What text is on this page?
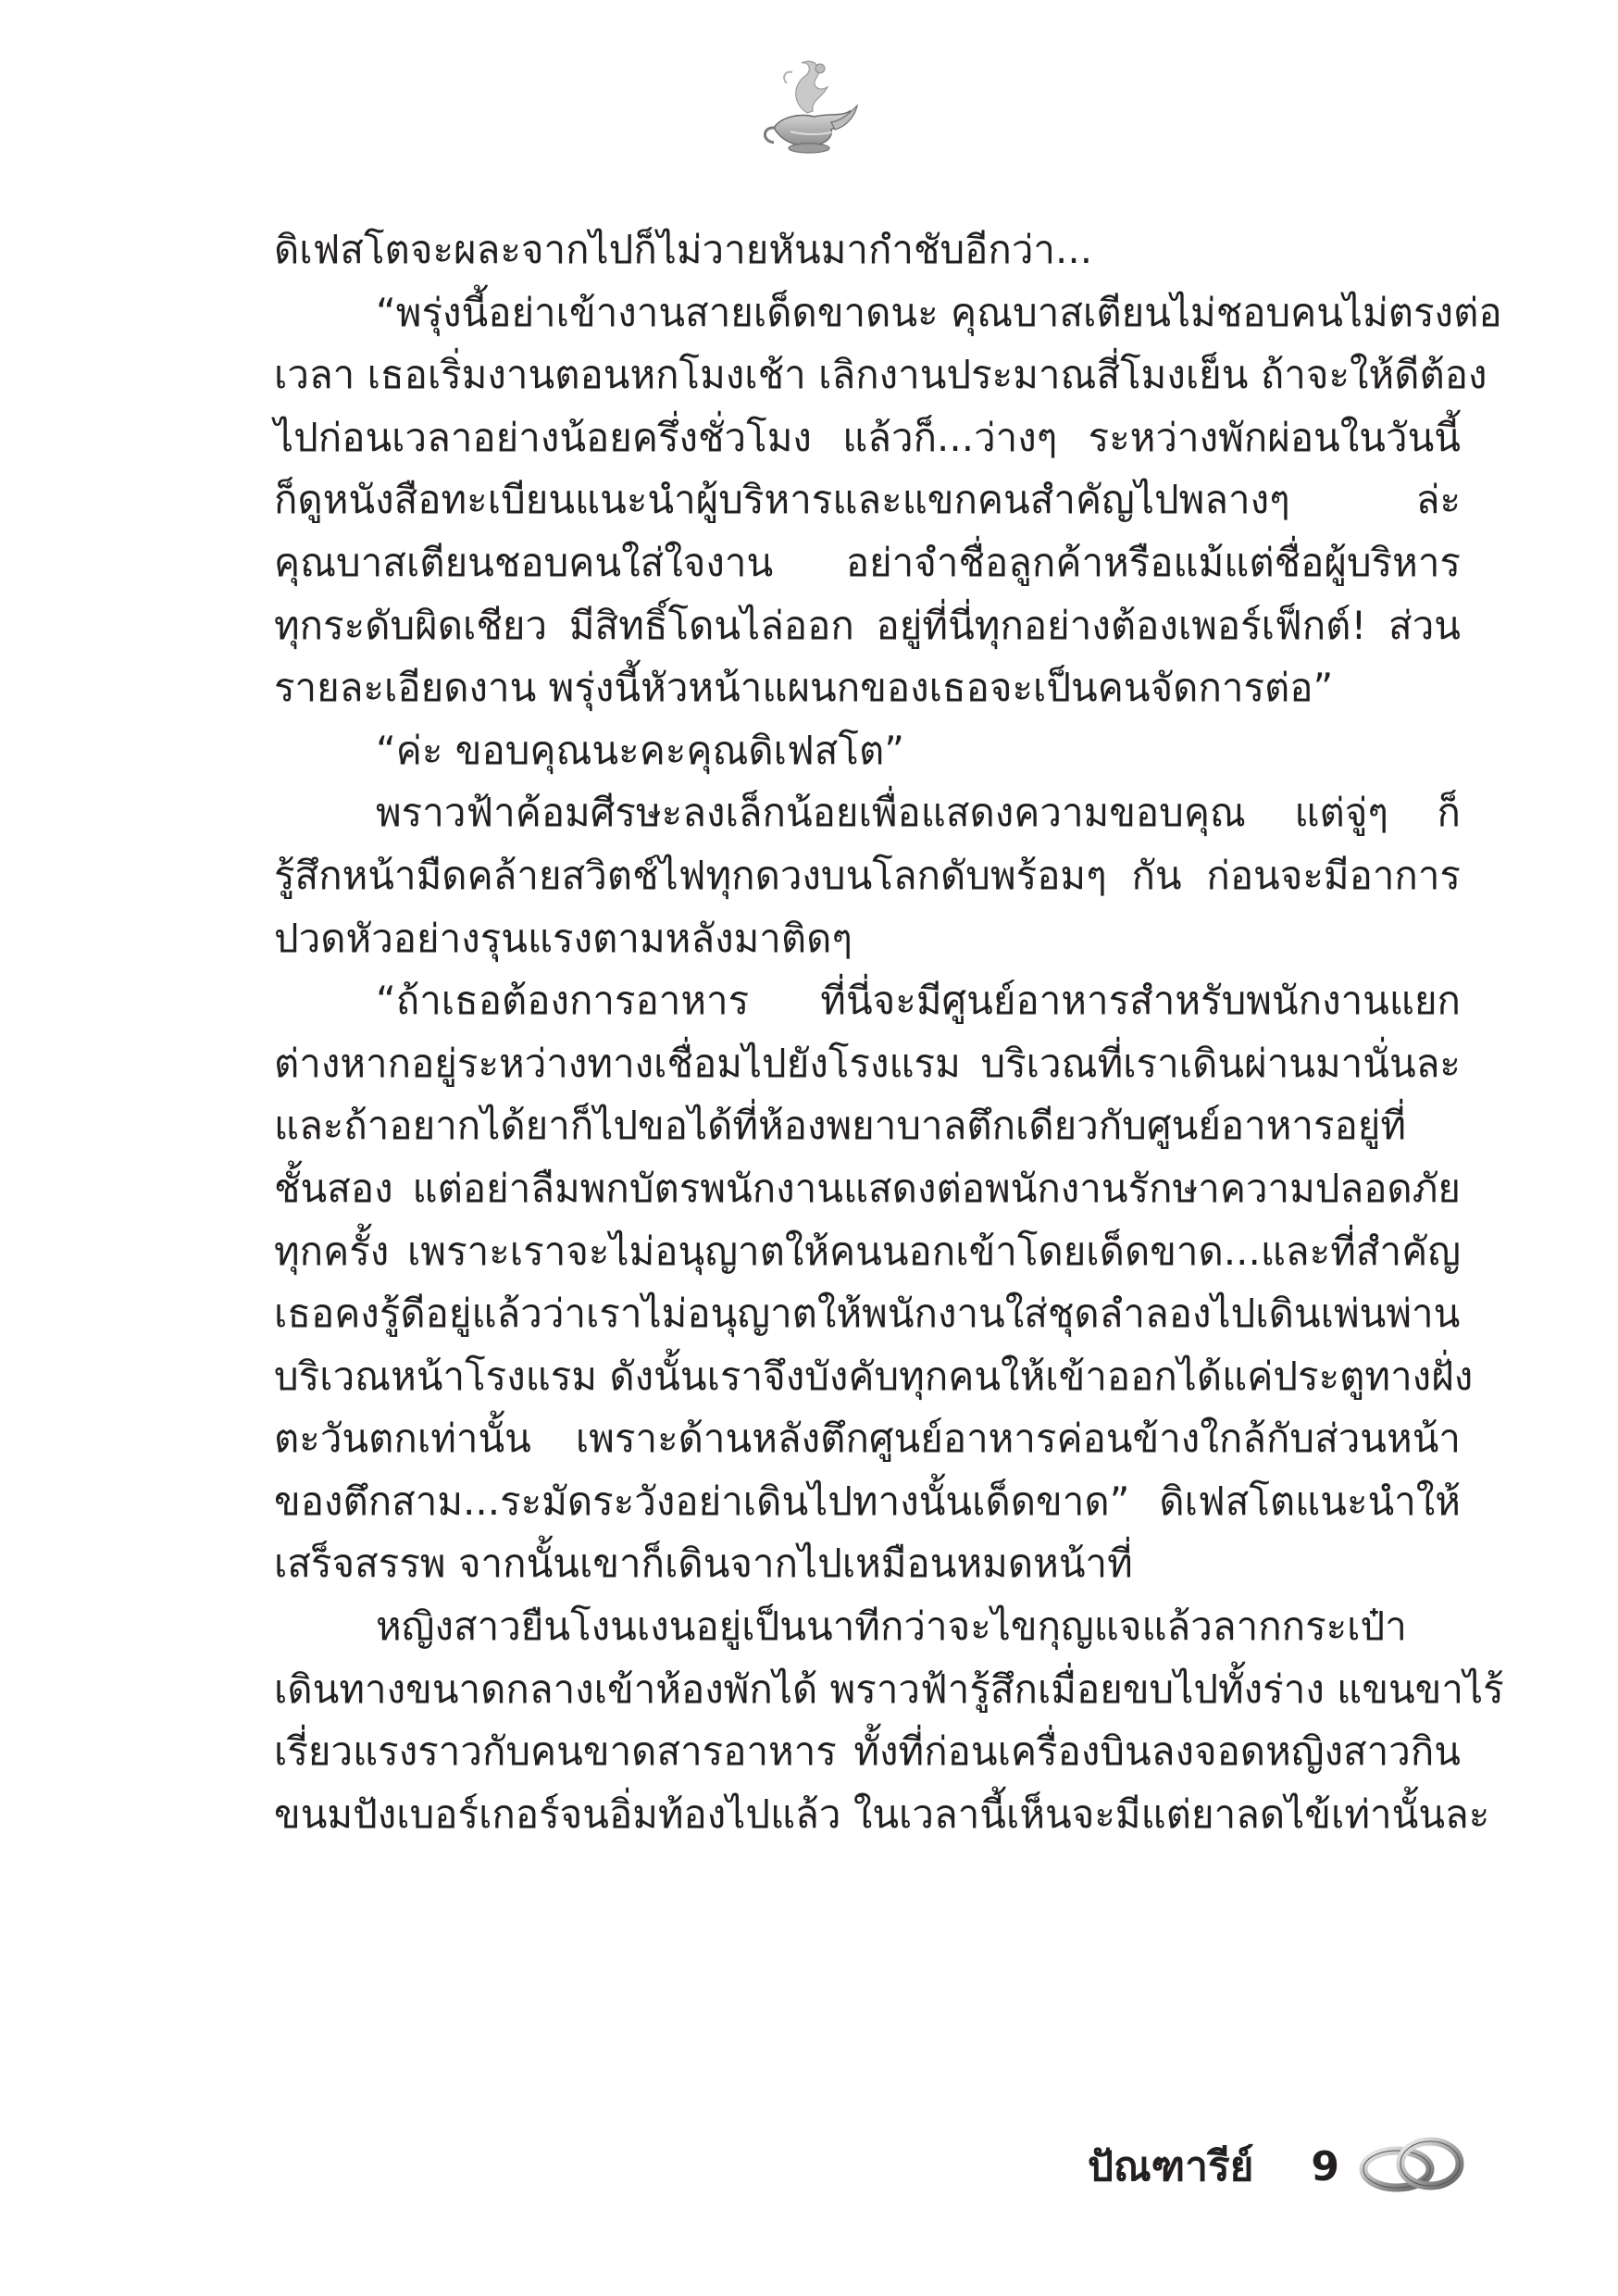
ดิเฟสโตจะผละจากไปก็ไม่วายหันมากำชับอีกว่า...
“พรุ่งนี้อย่าเข้างานสายเด็ดขาดนะ คุณบาสเตียนไม่ชอบคนไม่ตรงต่อ
เวลา เธอเริ่มงานตอนหกโมงเช้า เลิกงานประมาณสี่โมงเย็น ถ้าจะให้ดีต้อง
ไปก่อนเวลาอย่างน้อยครึ่งชั่วโมง แล้วก็...ว่างๆ ระหว่างพักผ่อนในวันนี้
ก็ดูหนังสือทะเบียนแนะนำผู้บริหารและแขกคนสำคัญไปพลางๆ ล่ะ
คุณบาสเตียนชอบคนใส่ใจงาน อย่าจำชื่อลูกค้าหรือแม้แต่ชื่อผู้บริหาร
ทุกระดับผิดเชียว มีสิทธิ์โดนไล่ออก อยู่ที่นี่ทุกอย่างต้องเพอร์เฟ็กต์! ส่วน
รายละเอียดงาน พรุ่งนี้หัวหน้าแผนกของเธอจะเป็นคนจัดการต่อ”
“ค่ะ ขอบคุณนะคะคุณดิเฟสโต”
พราวฟ้าค้อมศีรษะลงเล็กน้อยเพื่อแสดงความขอบคุณ แต่จู่ๆ ก็
รู้สึกหน้ามืดคล้ายสวิตช์ไฟทุกดวงบนโลกดับพร้อมๆ กัน ก่อนจะมีอาการ
ปวดหัวอย่างรุนแรงตามหลังมาติดๆ
“ถ้าเธอต้องการอาหาร ที่นี่จะมีศูนย์อาหารสำหรับพนักงานแยก
ต่างหากอยู่ระหว่างทางเชื่อมไปยังโรงแรม บริเวณที่เราเดินผ่านมานั่นละ
และถ้าอยากได้ยาก็ไปขอได้ที่ห้องพยาบาลตึกเดียวกับศูนย์อาหารอยู่ที่
ชั้นสอง แต่อย่าลืมพกบัตรพนักงานแสดงต่อพนักงานรักษาความปลอดภัย
ทุกครั้ง เพราะเราจะไม่อนุญาตให้คนนอกเข้าโดยเด็ดขาด...และที่สำคัญ
เธอคงรู้ดีอยู่แล้วว่าเราไม่อนุญาตให้พนักงานใส่ชุดลำลองไปเดินเพ่นพ่าน
บริเวณหน้าโรงแรม ดังนั้นเราจึงบังคับทุกคนให้เข้าออกได้แค่ประตูทางฝั่ง
ตะวันตกเท่านั้น เพราะด้านหลังตึกศูนย์อาหารค่อนข้างใกล้กับส่วนหน้า
ของตึกสาม...ระมัดระวังอย่าเดินไปทางนั้นเด็ดขาด” ดิเฟสโตแนะนำให้
เสร็จสรรพ จากนั้นเขาก็เดินจากไปเหมือนหมดหน้าที่
หญิงสาวยืนโงนเงนอยู่เป็นนาทีกว่าจะไขกุญแจแล้วลากกระเป๋า
เดินทางขนาดกลางเข้าห้องพักได้ พราวฟ้ารู้สึกเมื่อยขบไปทั้งร่าง แขนขาไร้
เรี่ยวแรงราวกับคนขาดสารอาหาร ทั้งที่ก่อนเครื่องบินลงจอดหญิงสาวกิน
ขนมปังเบอร์เกอร์จนอิ่มท้องไปแล้ว ในเวลานี้เห็นจะมีแต่ยาลดไข้เท่านั้นละ
ปัณฑารีย์ 9
